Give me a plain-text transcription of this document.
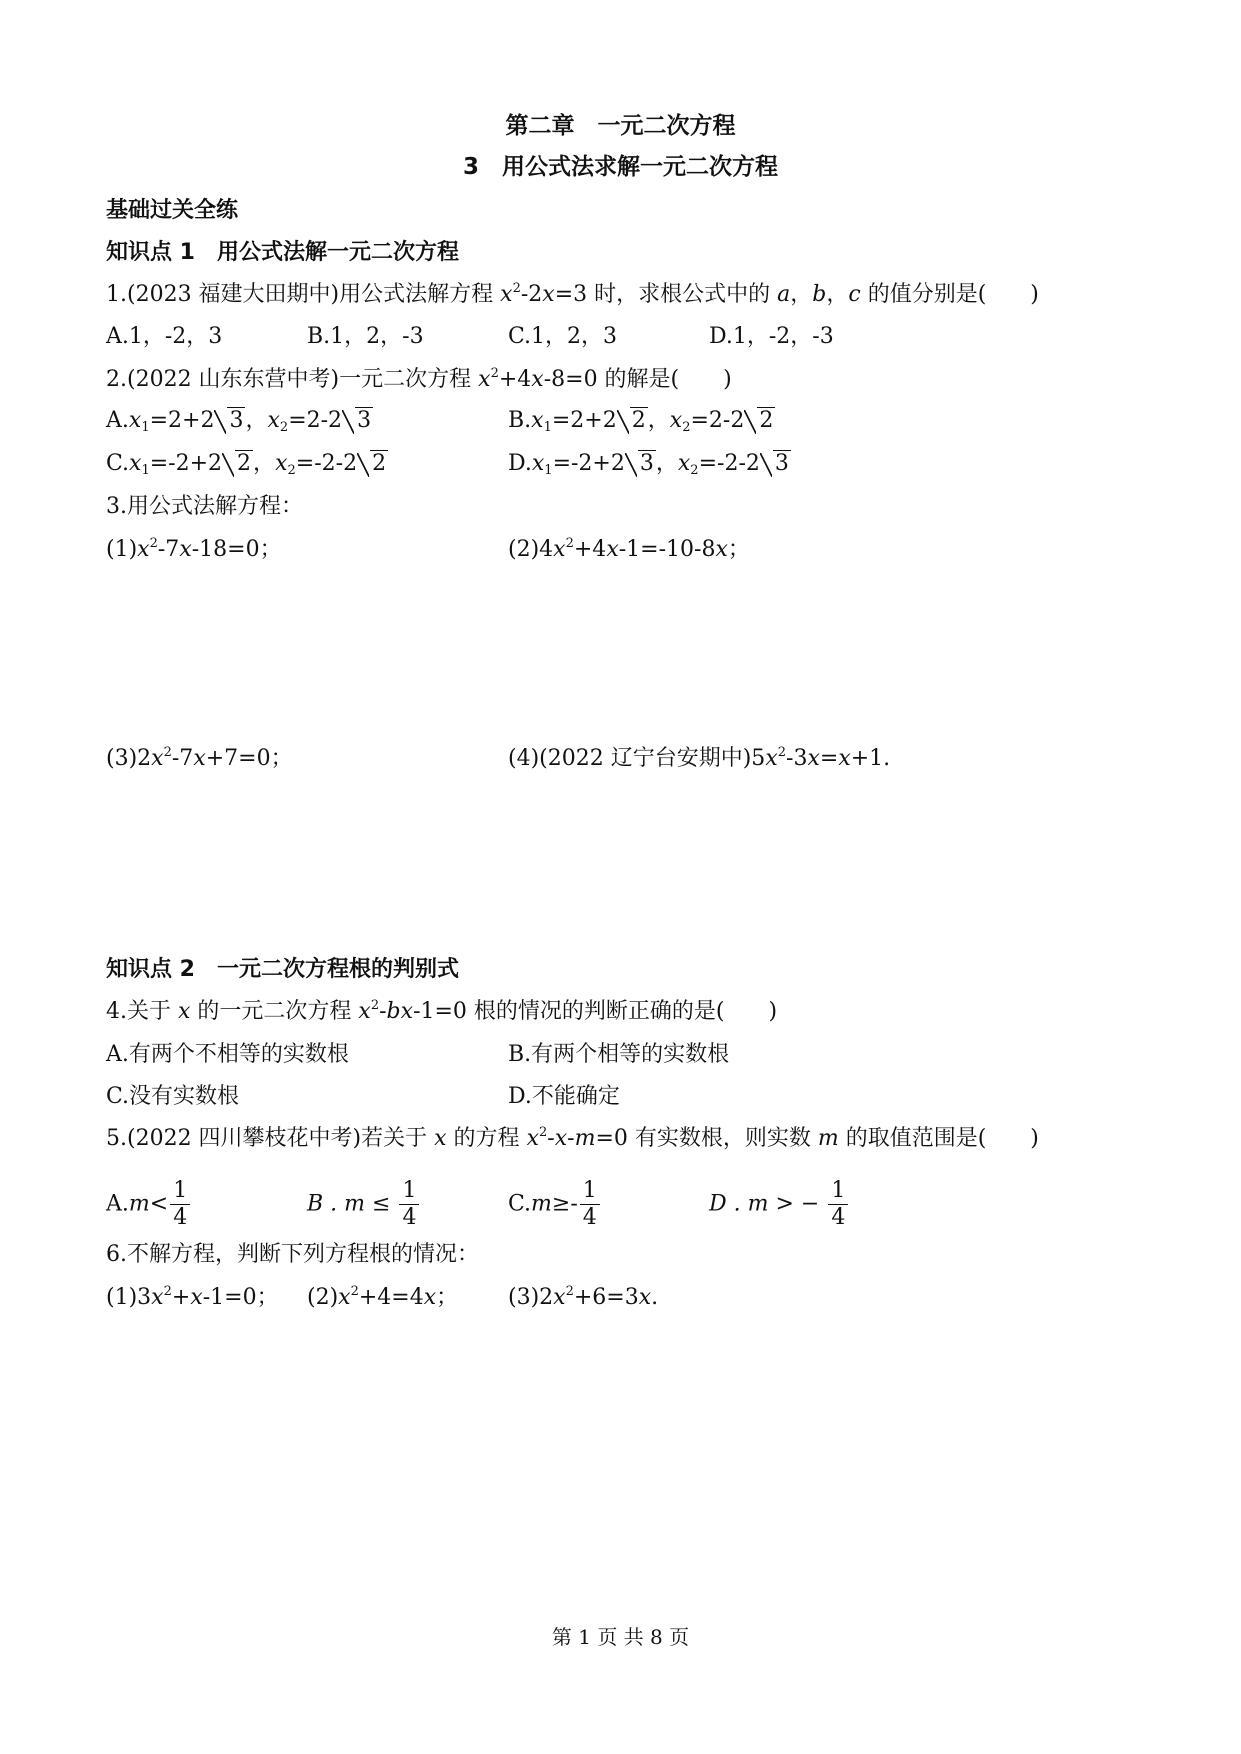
第二章　一元二次方程
3　用公式法求解一元二次方程
基础过关全练
知识点 1　用公式法解一元二次方程
1.(2023 福建大田期中)用公式法解方程 $x^2-2x=3$ 时，求根公式中的 a，b，c 的值分别是(　　)
A.1，-2，3	B.1，2，-3	C.1，2，3	D.1，-2，-3
2.(2022 山东东营中考)一元二次方程 $x^2+4x-8=0$ 的解是(　　)
$A.x_1=2+2$ 3，$x_2=2-2$ 3	$B.x_1=2+2$ 2，$x_2=2-2$ 2
$C.x_1=-2+2$ 2，$x_2=-2-2$ 2	$D.x_1=-2+2$ 3，$x_2=-2-2$ 3
3.用公式法解方程：
$(1)x^2-7x-18=0$；	$(2)4x^2+4x-1=-10-8x$；
$(3)2x^2-7x+7=0$；	(4)(2022 辽宁台安期中)$5x^2-3x=x+1$.
知识点 2　一元二次方程根的判别式
4.关于 x 的一元二次方程 $x^2-bx-1=0$ 根的情况的判断正确的是(　　)
A.有两个不相等的实数根	B.有两个相等的实数根
C.没有实数根	D.不能确定
5.(2022 四川攀枝花中考)若关于 x 的方程 $x^2-x-m=0$ 有实数根，则实数 m 的取值范围是(　　)
$A.m< \frac{1}{4}$	B . $m \le \frac{1}{4}$	$C.m\ge- \frac{1}{4}$	D . m > − $\frac{1}{4}$
6.不解方程，判断下列方程根的情况：
$(1)3x^2+x-1=0$； $(2)x^2+4=4x$； $(3)2x^2+6=3x$.
第 1 页 共 8 页
